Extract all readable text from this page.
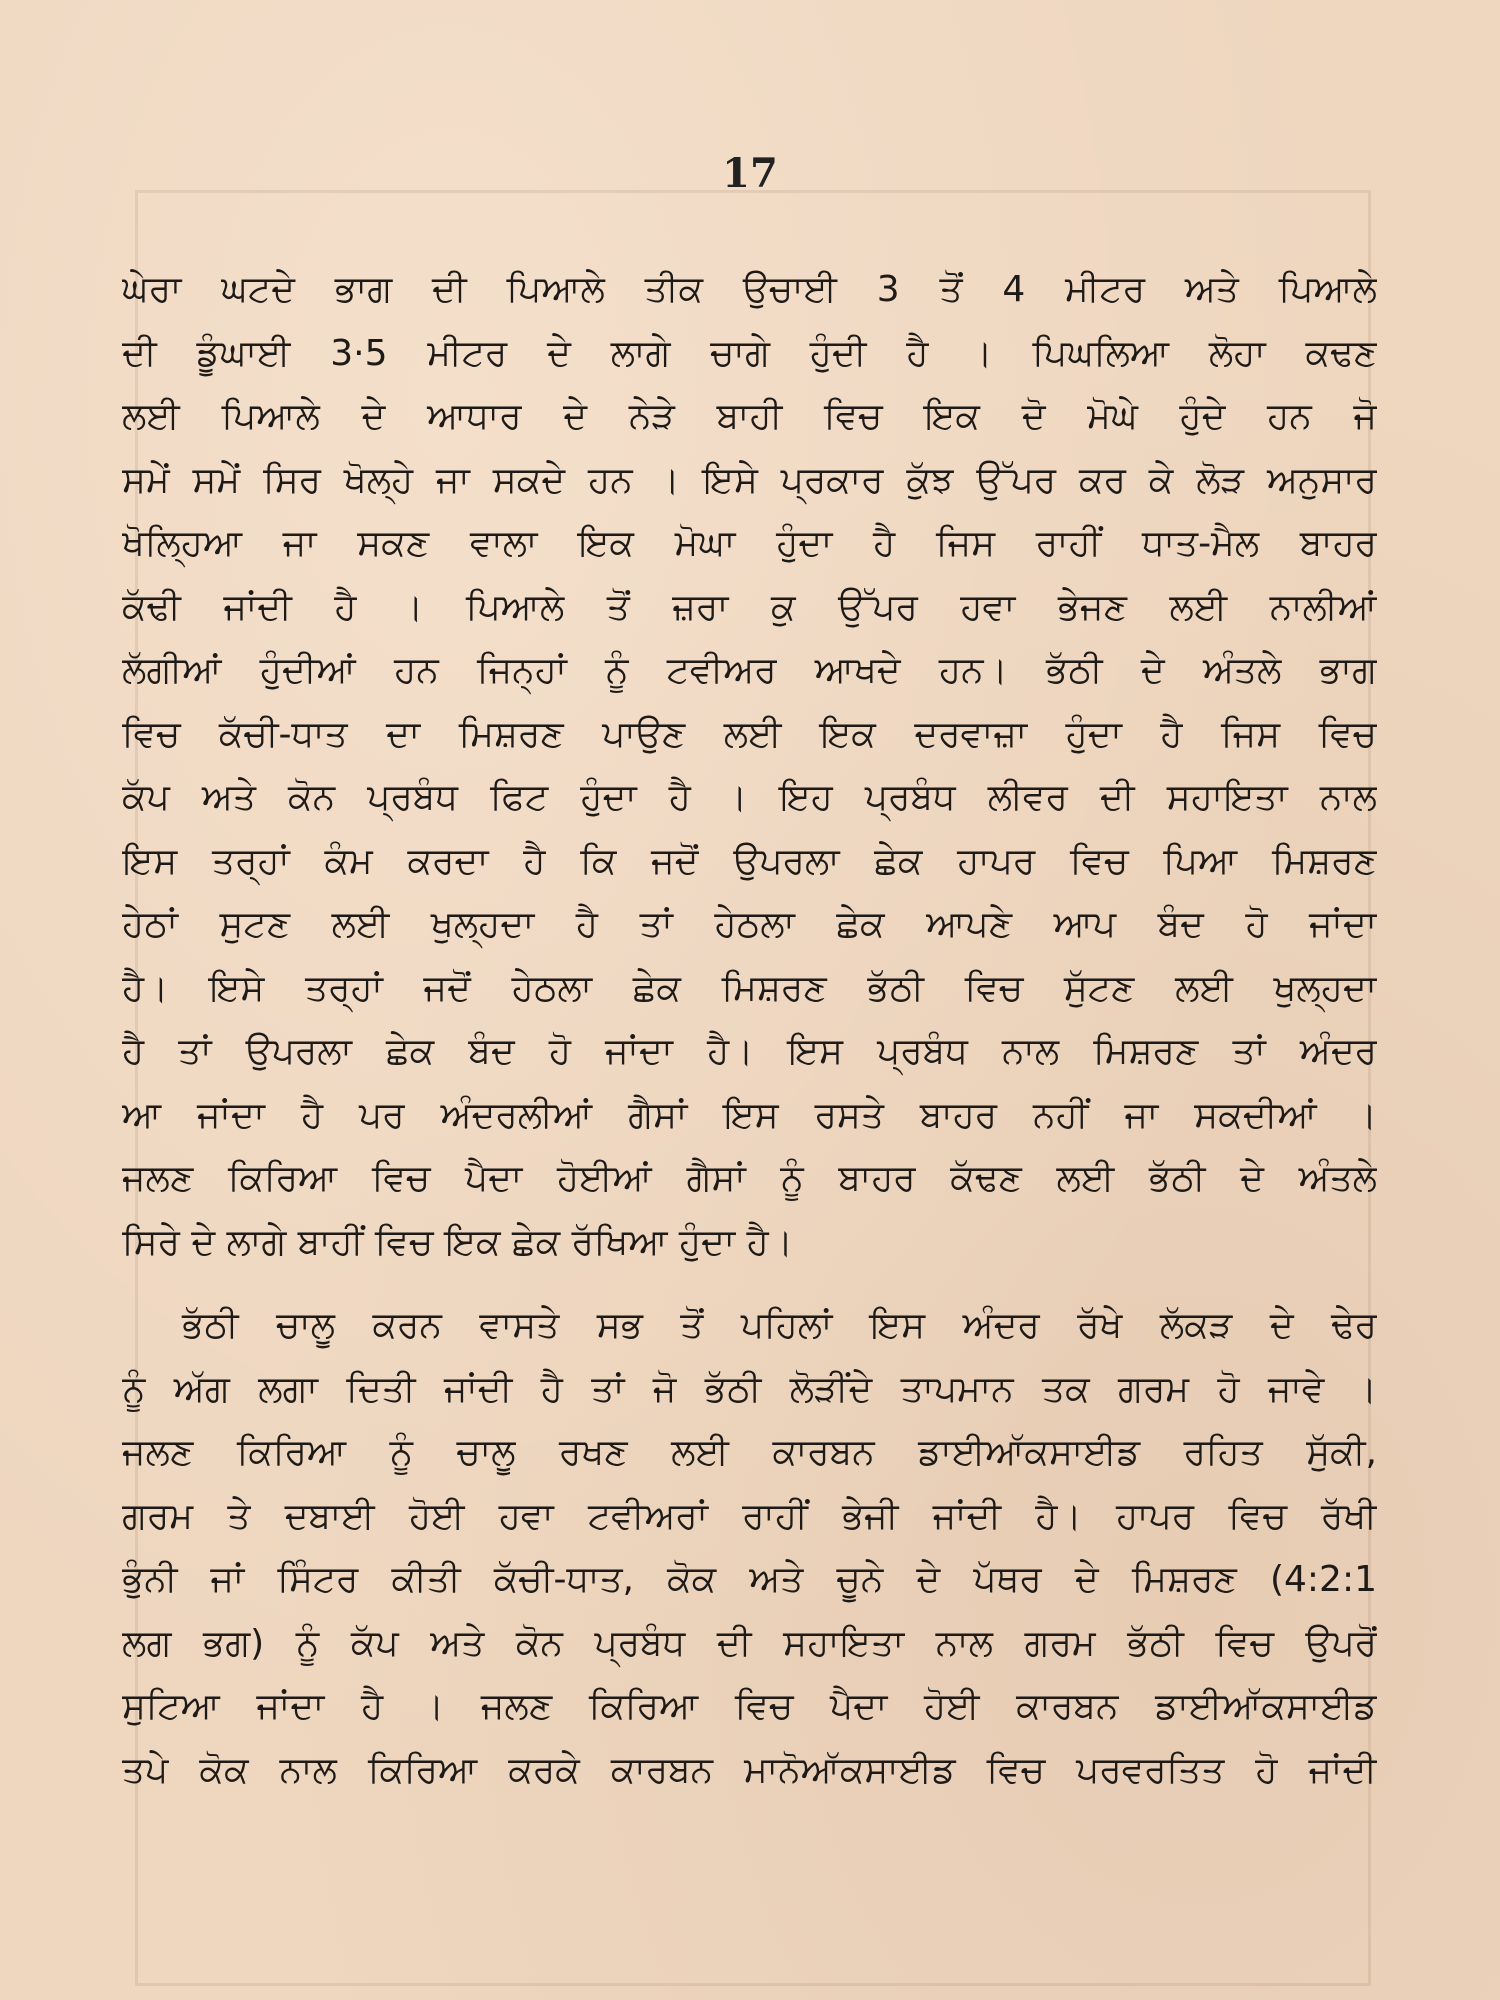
17
ਘੇਰਾ ਘਟਦੇ ਭਾਗ ਦੀ ਪਿਆਲੇ ਤੀਕ ਉਚਾਈ 3 ਤੋਂ 4 ਮੀਟਰ ਅਤੇ ਪਿਆਲੇ
ਦੀ ਡੂੰਘਾਈ 3·5 ਮੀਟਰ ਦੇ ਲਾਗੇ ਚਾਗੇ ਹੁੰਦੀ ਹੈ । ਪਿਘਲਿਆ ਲੋਹਾ ਕਢਣ
ਲਈ ਪਿਆਲੇ ਦੇ ਆਧਾਰ ਦੇ ਨੇੜੇ ਬਾਹੀ ਵਿਚ ਇਕ ਦੋ ਮੋਘੇ ਹੁੰਦੇ ਹਨ ਜੋ
ਸਮੇਂ ਸਮੇਂ ਸਿਰ ਖੋਲ੍ਹੇ ਜਾ ਸਕਦੇ ਹਨ । ਇਸੇ ਪ੍ਰਕਾਰ ਕੁੱਝ ਉੱਪਰ ਕਰ ਕੇ ਲੋੜ ਅਨੁਸਾਰ
ਖੋਲ੍ਹਿਆ ਜਾ ਸਕਣ ਵਾਲਾ ਇਕ ਮੋਘਾ ਹੁੰਦਾ ਹੈ ਜਿਸ ਰਾਹੀਂ ਧਾਤ-ਮੈਲ ਬਾਹਰ
ਕੱਢੀ ਜਾਂਦੀ ਹੈ । ਪਿਆਲੇ ਤੋਂ ਜ਼ਰਾ ਕੁ ਉੱਪਰ ਹਵਾ ਭੇਜਣ ਲਈ ਨਾਲੀਆਂ
ਲੱਗੀਆਂ ਹੁੰਦੀਆਂ ਹਨ ਜਿਨ੍ਹਾਂ ਨੂੰ ਟਵੀਅਰ ਆਖਦੇ ਹਨ। ਭੱਠੀ ਦੇ ਅੰਤਲੇ ਭਾਗ
ਵਿਚ ਕੱਚੀ-ਧਾਤ ਦਾ ਮਿਸ਼ਰਣ ਪਾਉਣ ਲਈ ਇਕ ਦਰਵਾਜ਼ਾ ਹੁੰਦਾ ਹੈ ਜਿਸ ਵਿਚ
ਕੱਪ ਅਤੇ ਕੋਨ ਪ੍ਰਬੰਧ ਫਿਟ ਹੁੰਦਾ ਹੈ । ਇਹ ਪ੍ਰਬੰਧ ਲੀਵਰ ਦੀ ਸਹਾਇਤਾ ਨਾਲ
ਇਸ ਤਰ੍ਹਾਂ ਕੰਮ ਕਰਦਾ ਹੈ ਕਿ ਜਦੋਂ ਉਪਰਲਾ ਛੇਕ ਹਾਪਰ ਵਿਚ ਪਿਆ ਮਿਸ਼ਰਣ
ਹੇਠਾਂ ਸੁਟਣ ਲਈ ਖੁਲ੍ਹਦਾ ਹੈ ਤਾਂ ਹੇਠਲਾ ਛੇਕ ਆਪਣੇ ਆਪ ਬੰਦ ਹੋ ਜਾਂਦਾ
ਹੈ। ਇਸੇ ਤਰ੍ਹਾਂ ਜਦੋਂ ਹੇਠਲਾ ਛੇਕ ਮਿਸ਼ਰਣ ਭੱਠੀ ਵਿਚ ਸੁੱਟਣ ਲਈ ਖੁਲ੍ਹਦਾ
ਹੈ ਤਾਂ ਉਪਰਲਾ ਛੇਕ ਬੰਦ ਹੋ ਜਾਂਦਾ ਹੈ। ਇਸ ਪ੍ਰਬੰਧ ਨਾਲ ਮਿਸ਼ਰਣ ਤਾਂ ਅੰਦਰ
ਆ ਜਾਂਦਾ ਹੈ ਪਰ ਅੰਦਰਲੀਆਂ ਗੈਸਾਂ ਇਸ ਰਸਤੇ ਬਾਹਰ ਨਹੀਂ ਜਾ ਸਕਦੀਆਂ ।
ਜਲਣ ਕਿਰਿਆ ਵਿਚ ਪੈਦਾ ਹੋਈਆਂ ਗੈਸਾਂ ਨੂੰ ਬਾਹਰ ਕੱਢਣ ਲਈ ਭੱਠੀ ਦੇ ਅੰਤਲੇ
ਸਿਰੇ ਦੇ ਲਾਗੇ ਬਾਹੀਂ ਵਿਚ ਇਕ ਛੇਕ ਰੱਖਿਆ ਹੁੰਦਾ ਹੈ।
ਭੱਠੀ ਚਾਲੂ ਕਰਨ ਵਾਸਤੇ ਸਭ ਤੋਂ ਪਹਿਲਾਂ ਇਸ ਅੰਦਰ ਰੱਖੇ ਲੱਕੜ ਦੇ ਢੇਰ
ਨੂੰ ਅੱਗ ਲਗਾ ਦਿਤੀ ਜਾਂਦੀ ਹੈ ਤਾਂ ਜੋ ਭੱਠੀ ਲੋੜੀਂਦੇ ਤਾਪਮਾਨ ਤਕ ਗਰਮ ਹੋ ਜਾਵੇ ।
ਜਲਣ ਕਿਰਿਆ ਨੂੰ ਚਾਲੂ ਰਖਣ ਲਈ ਕਾਰਬਨ ਡਾਈਆੱਕਸਾਈਡ ਰਹਿਤ ਸੁੱਕੀ,
ਗਰਮ ਤੇ ਦਬਾਈ ਹੋਈ ਹਵਾ ਟਵੀਅਰਾਂ ਰਾਹੀਂ ਭੇਜੀ ਜਾਂਦੀ ਹੈ। ਹਾਪਰ ਵਿਚ ਰੱਖੀ
ਭੁੰਨੀ ਜਾਂ ਸਿੰਟਰ ਕੀਤੀ ਕੱਚੀ-ਧਾਤ, ਕੋਕ ਅਤੇ ਚੂਨੇ ਦੇ ਪੱਥਰ ਦੇ ਮਿਸ਼ਰਣ (4:2:1
ਲਗ ਭਗ) ਨੂੰ ਕੱਪ ਅਤੇ ਕੋਨ ਪ੍ਰਬੰਧ ਦੀ ਸਹਾਇਤਾ ਨਾਲ ਗਰਮ ਭੱਠੀ ਵਿਚ ਉਪਰੋਂ
ਸੁਟਿਆ ਜਾਂਦਾ ਹੈ । ਜਲਣ ਕਿਰਿਆ ਵਿਚ ਪੈਦਾ ਹੋਈ ਕਾਰਬਨ ਡਾਈਆੱਕਸਾਈਡ
ਤਪੇ ਕੋਕ ਨਾਲ ਕਿਰਿਆ ਕਰਕੇ ਕਾਰਬਨ ਮਾਨੋਆੱਕਸਾਈਡ ਵਿਚ ਪਰਵਰਤਿਤ ਹੋ ਜਾਂਦੀ
